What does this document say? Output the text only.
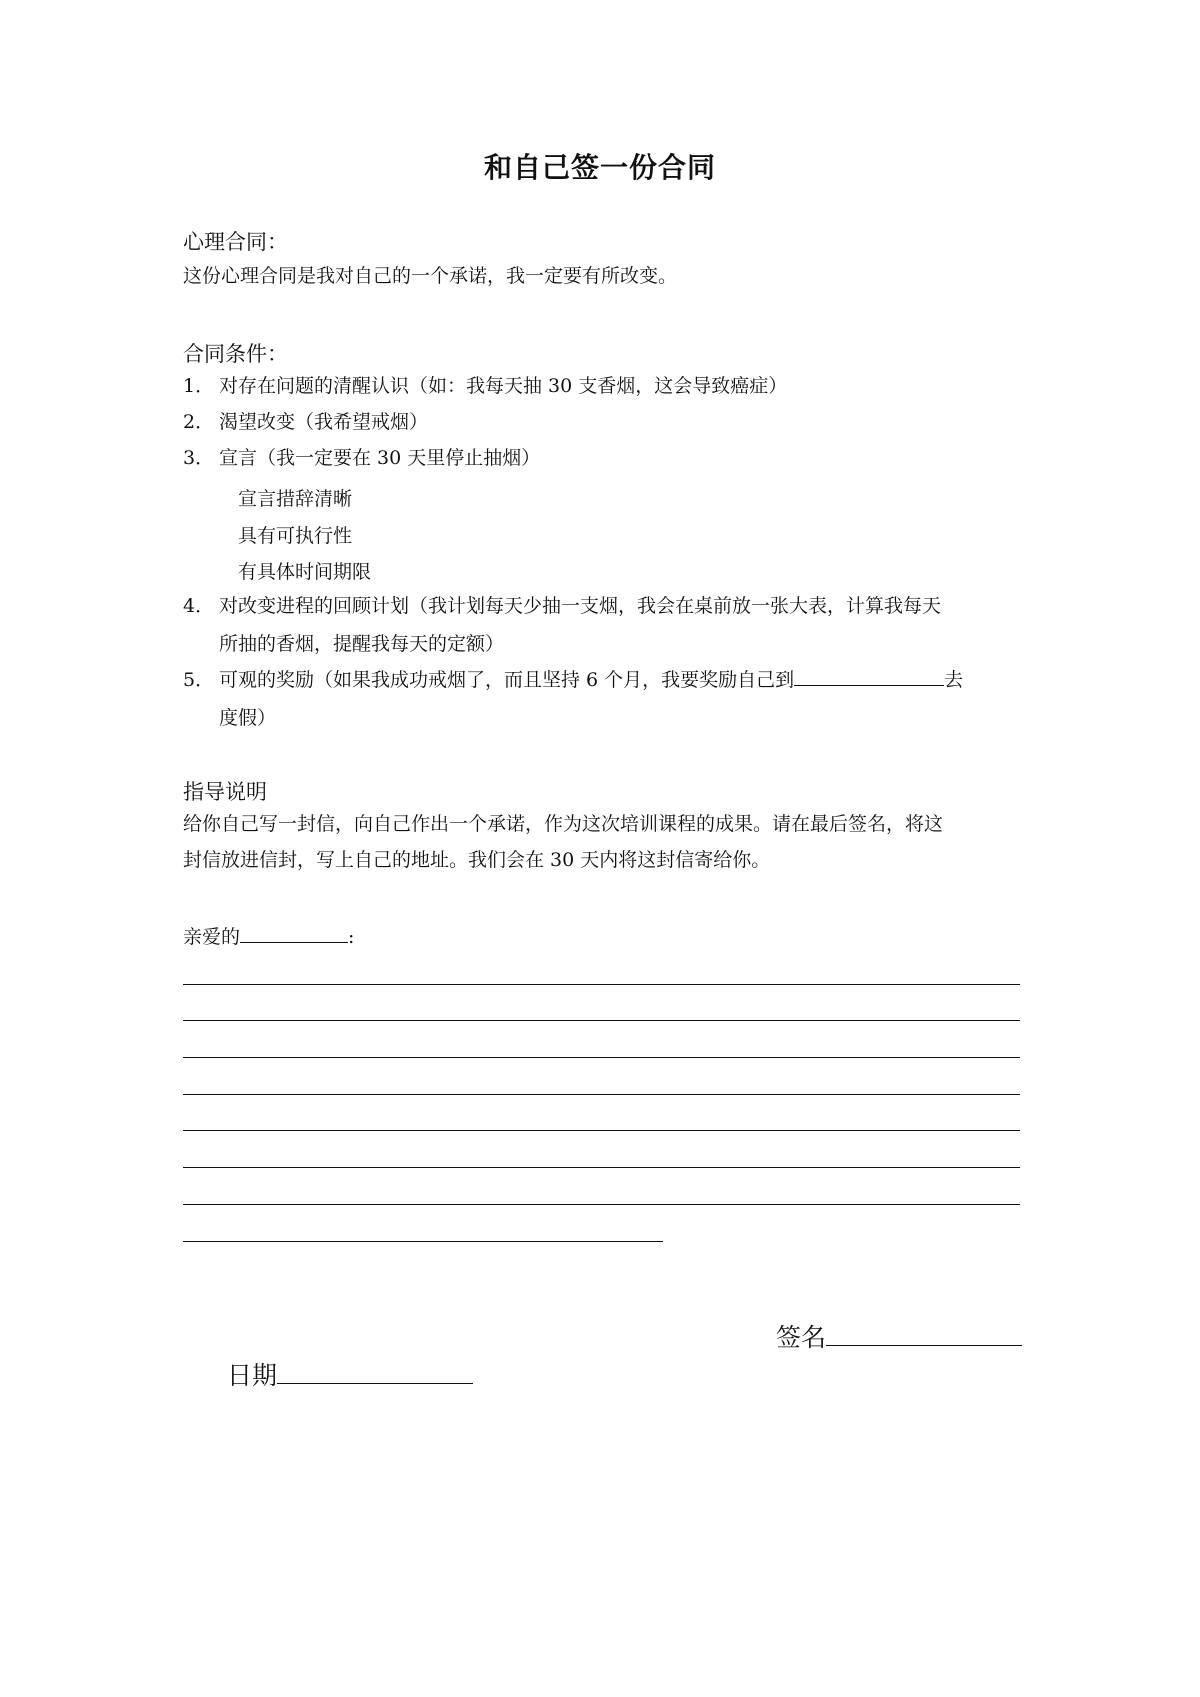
和自己签一份合同
心理合同：
这份心理合同是我对自己的一个承诺，我一定要有所改变。
合同条件：
1． 对存在问题的清醒认识（如：我每天抽 30 支香烟，这会导致癌症）
2． 渴望改变（我希望戒烟）
3． 宣言（我一定要在 30 天里停止抽烟）
宣言措辞清晰
具有可执行性
有具体时间期限
4． 对改变进程的回顾计划（我计划每天少抽一支烟，我会在桌前放一张大表，计算我每天
所抽的香烟，提醒我每天的定额）
5． 可观的奖励（如果我成功戒烟了，而且坚持 6 个月，我要奖励自己到	去
度假）
指导说明
给你自己写一封信，向自己作出一个承诺，作为这次培训课程的成果。请在最后签名，将这
封信放进信封，写上自己的地址。我们会在 30 天内将这封信寄给你。
亲爱的	:
签名
日期
